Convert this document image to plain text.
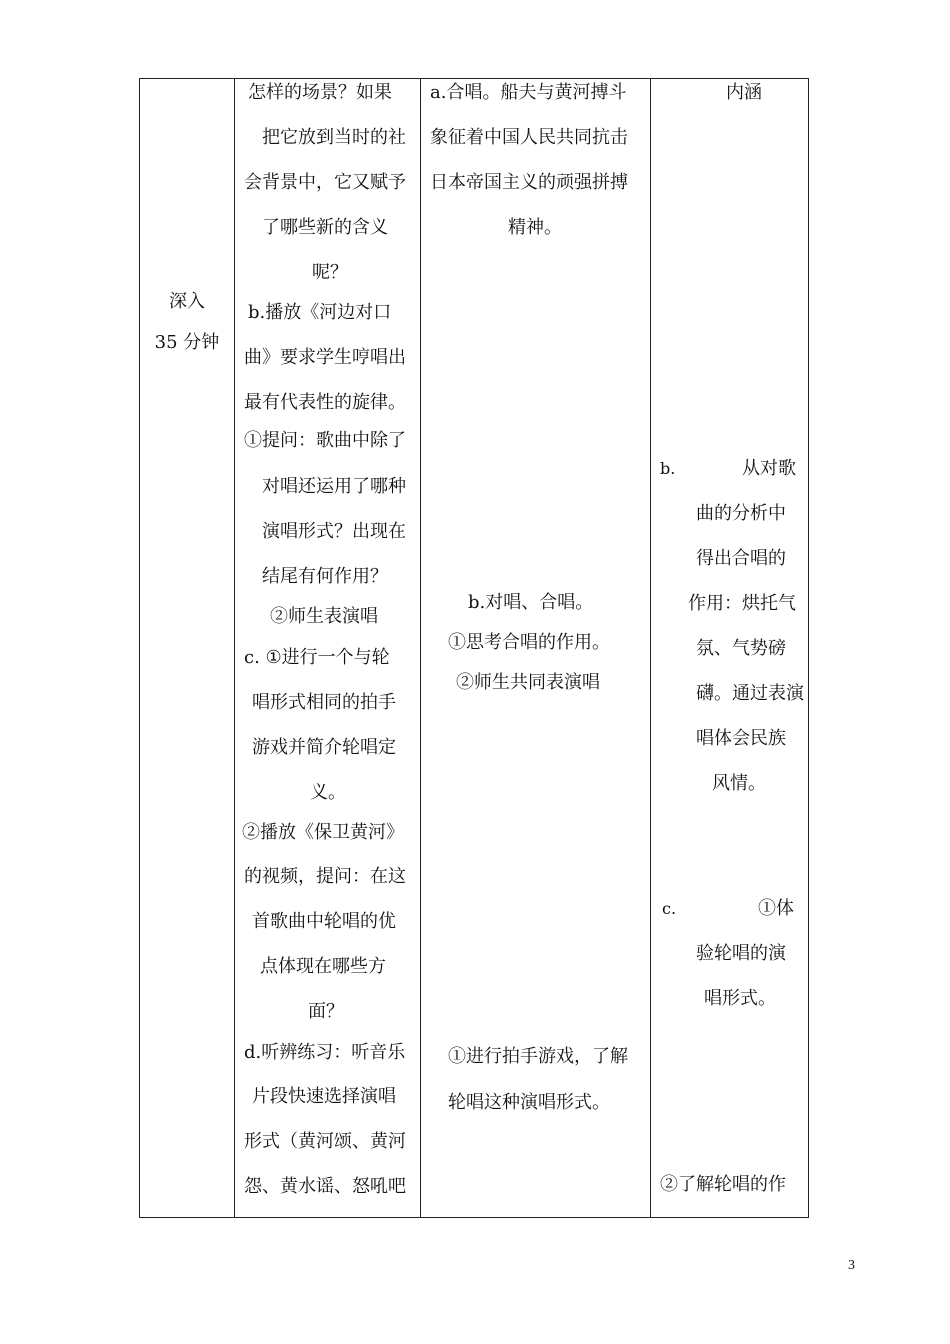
深入
35 分钟
怎样的场景？如果
把它放到当时的社
会背景中，它又赋予
了哪些新的含义
呢？
b.播放《河边对口
曲》要求学生哼唱出
最有代表性的旋律。
①提问：歌曲中除了
对唱还运用了哪种
演唱形式？出现在
结尾有何作用？
②师生表演唱
c. ①进行一个与轮
唱形式相同的拍手
游戏并简介轮唱定
义。
②播放《保卫黄河》
的视频，提问：在这
首歌曲中轮唱的优
点体现在哪些方
面？
d.听辨练习：听音乐
片段快速选择演唱
形式（黄河颂、黄河
怨、黄水谣、怒吼吧
a.合唱。船夫与黄河搏斗
象征着中国人民共同抗击
日本帝国主义的顽强拼搏
精神。
b.对唱、合唱。
①思考合唱的作用。
②师生共同表演唱
①进行拍手游戏，了解
轮唱这种演唱形式。
内涵
b.	从对歌
曲的分析中
得出合唱的
作用：烘托气
氛、气势磅
礴。通过表演
唱体会民族
风情。
c.	①体
验轮唱的演
唱形式。
②了解轮唱的作
3
